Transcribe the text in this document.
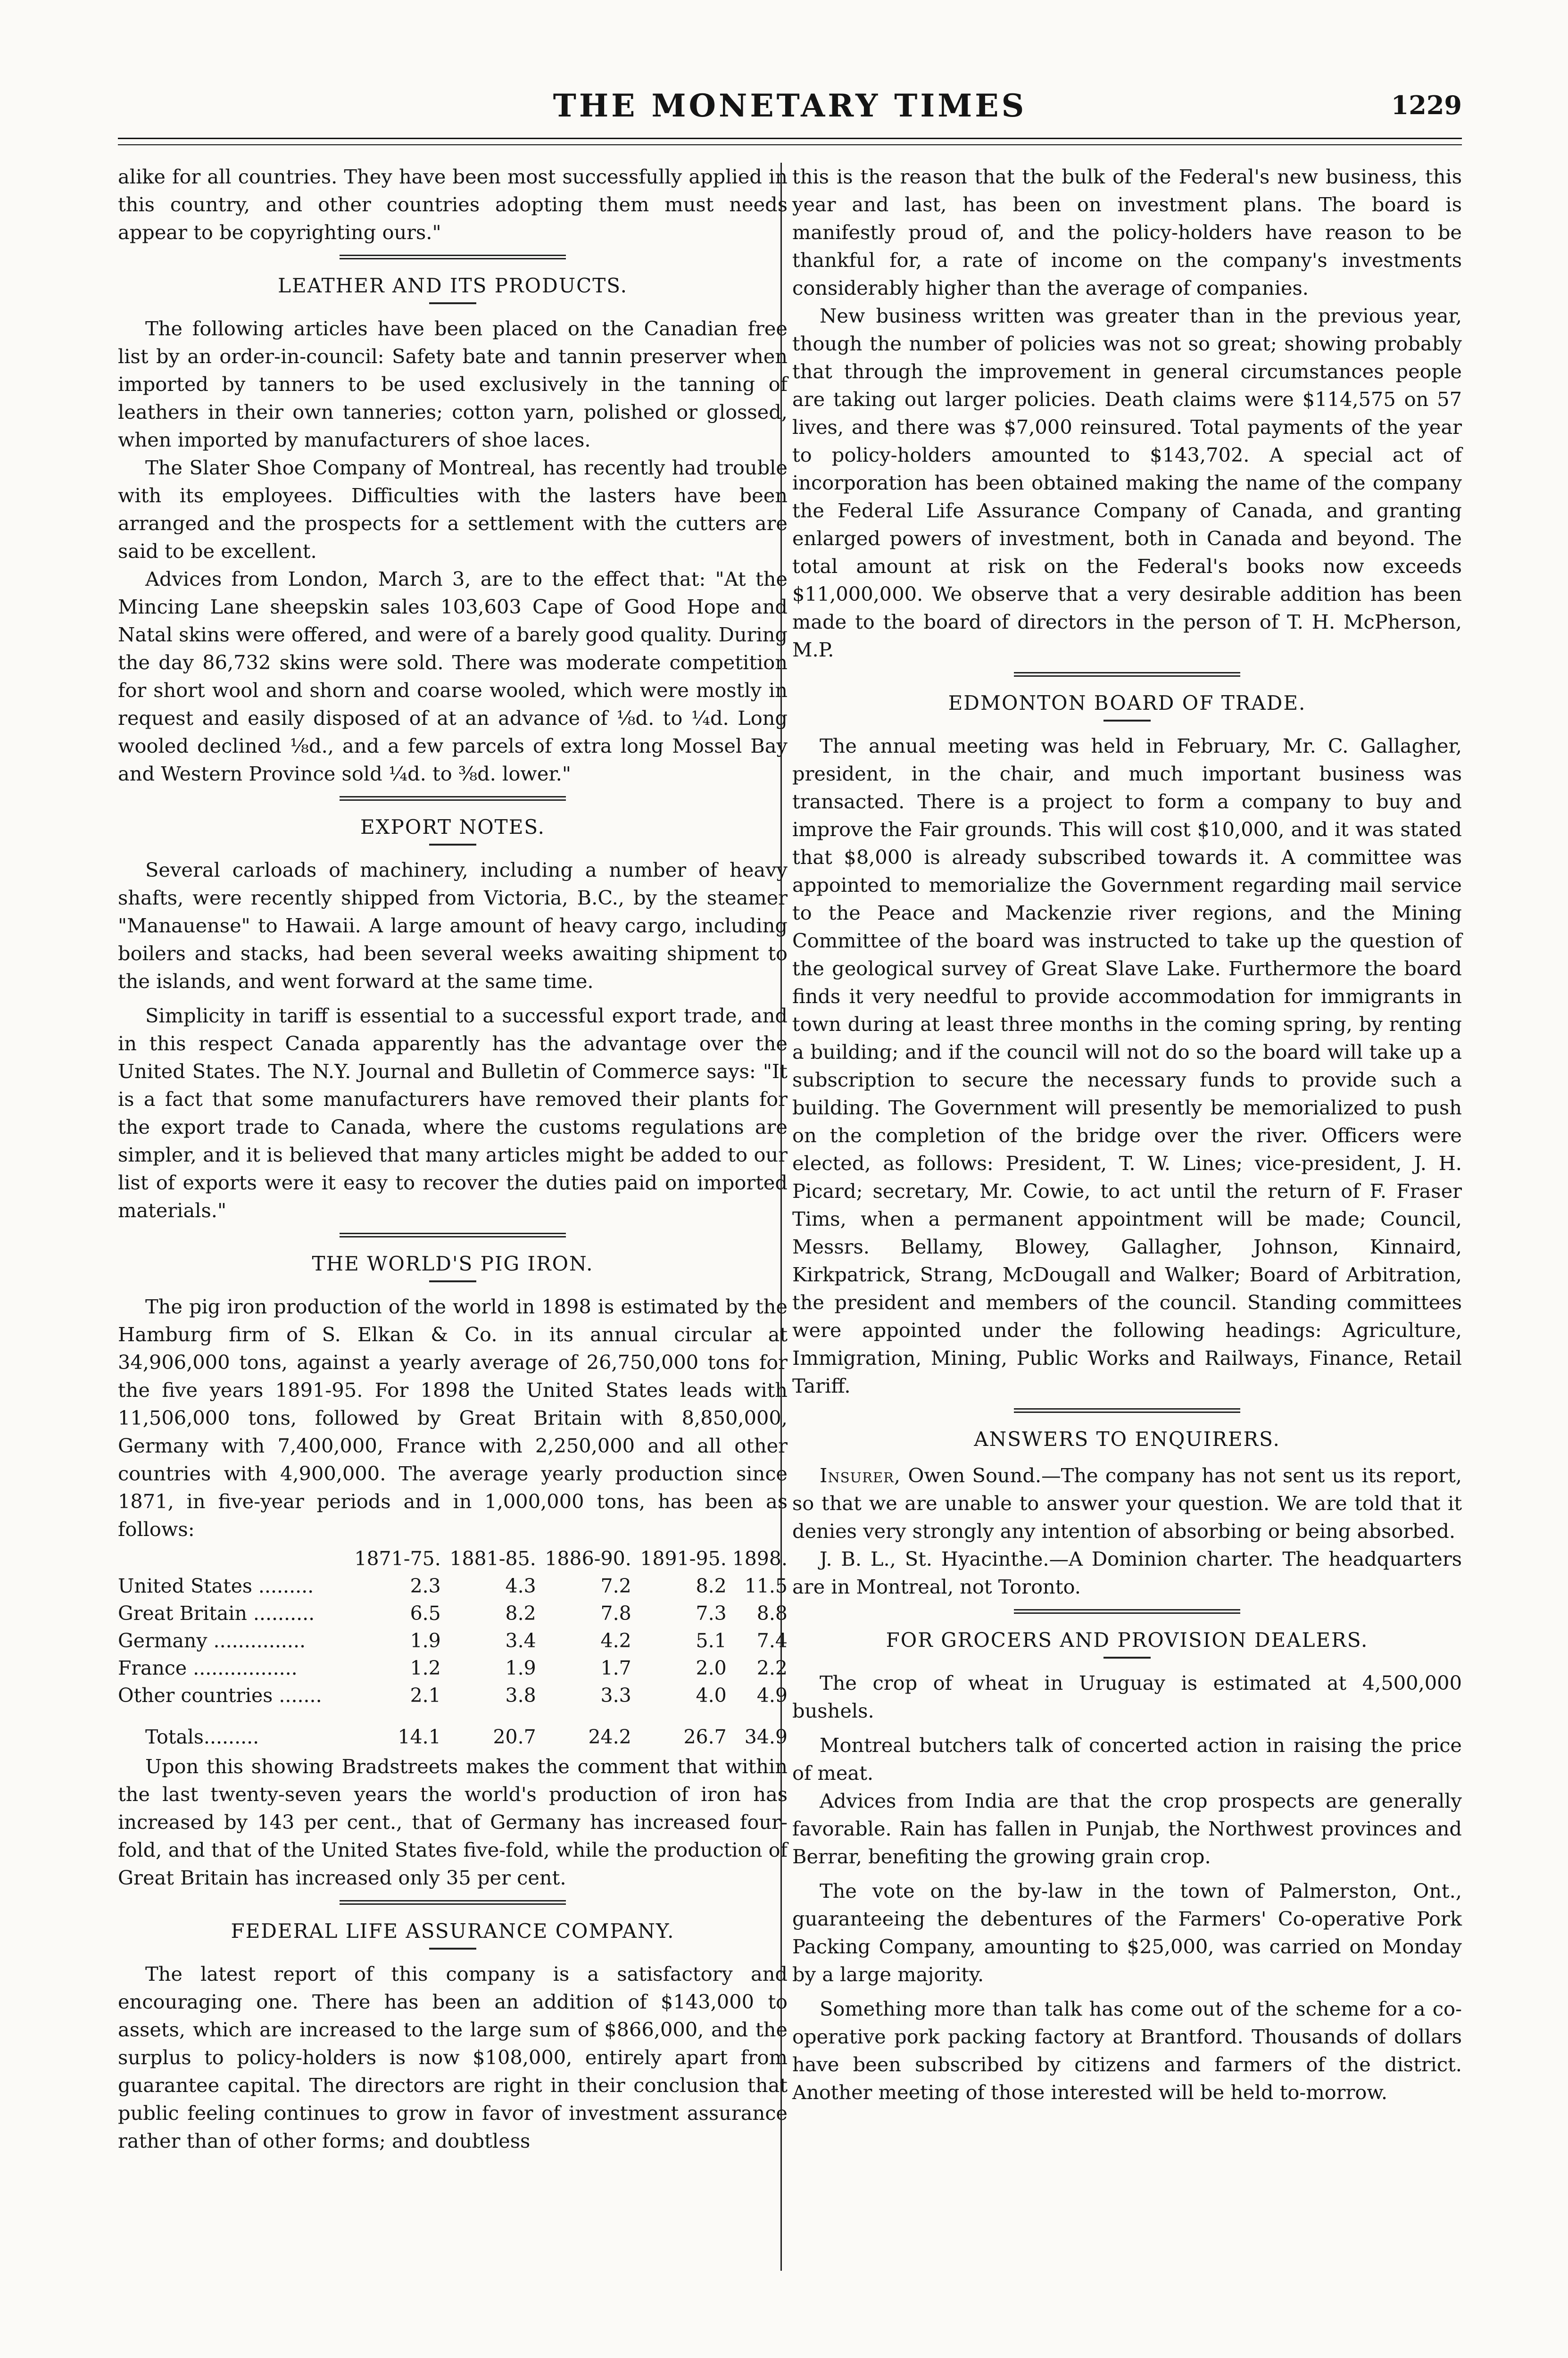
THE MONETARY TIMES	1229

alike for all countries. They have been most successfully applied in this country, and other countries adopting them must needs appear to be copyrighting ours."

LEATHER AND ITS PRODUCTS.

The following articles have been placed on the Canadian free list by an order-in-council: Safety bate and tannin preserver when imported by tanners to be used exclusively in the tanning of leathers in their own tanneries; cotton yarn, polished or glossed, when imported by manufacturers of shoe laces.

The Slater Shoe Company of Montreal, has recently had trouble with its employees. Difficulties with the lasters have been arranged and the prospects for a settlement with the cutters are said to be excellent.

Advices from London, March 3, are to the effect that: "At the Mincing Lane sheepskin sales 103,603 Cape of Good Hope and Natal skins were offered, and were of a barely good quality. During the day 86,732 skins were sold. There was moderate competition for short wool and shorn and coarse wooled, which were mostly in request and easily disposed of at an advance of ⅛d. to ¼d. Long wooled declined ⅛d., and a few parcels of extra long Mossel Bay and Western Province sold ¼d. to ⅜d. lower."

EXPORT NOTES.

Several carloads of machinery, including a number of heavy shafts, were recently shipped from Victoria, B.C., by the steamer "Manauense" to Hawaii. A large amount of heavy cargo, including boilers and stacks, had been several weeks awaiting shipment to the islands, and went forward at the same time.

Simplicity in tariff is essential to a successful export trade, and in this respect Canada apparently has the advantage over the United States. The N.Y. Journal and Bulletin of Commerce says: "It is a fact that some manufacturers have removed their plants for the export trade to Canada, where the customs regulations are simpler, and it is believed that many articles might be added to our list of exports were it easy to recover the duties paid on imported materials."

THE WORLD'S PIG IRON.

The pig iron production of the world in 1898 is estimated by the Hamburg firm of S. Elkan & Co. in its annual circular at 34,906,000 tons, against a yearly average of 26,750,000 tons for the five years 1891-95. For 1898 the United States leads with 11,506,000 tons, followed by Great Britain with 8,850,000, Germany with 7,400,000, France with 2,250,000 and all other countries with 4,900,000. The average yearly production since 1871, in five-year periods and in 1,000,000 tons, has been as follows:

	1871-75.	1881-85.	1886-90.	1891-95.	1898.
United States .........	2.3	4.3	7.2	8.2	11.5
Great Britain ..........	6.5	8.2	7.8	7.3	8.8
Germany ...............	1.9	3.4	4.2	5.1	7.4
France .................	1.2	1.9	1.7	2.0	2.2
Other countries .......	2.1	3.8	3.3	4.0	4.9
Totals.........	14.1	20.7	24.2	26.7	34.9

Upon this showing Bradstreets makes the comment that within the last twenty-seven years the world's production of iron has increased by 143 per cent., that of Germany has increased four-fold, and that of the United States five-fold, while the production of Great Britain has increased only 35 per cent.

FEDERAL LIFE ASSURANCE COMPANY.

The latest report of this company is a satisfactory and encouraging one. There has been an addition of $143,000 to assets, which are increased to the large sum of $866,000, and the surplus to policy-holders is now $108,000, entirely apart from guarantee capital. The directors are right in their conclusion that public feeling continues to grow in favor of investment assurance rather than of other forms; and doubtless

this is the reason that the bulk of the Federal's new business, this year and last, has been on investment plans. The board is manifestly proud of, and the policy-holders have reason to be thankful for, a rate of income on the company's investments considerably higher than the average of companies.

New business written was greater than in the previous year, though the number of policies was not so great; showing probably that through the improvement in general circumstances people are taking out larger policies. Death claims were $114,575 on 57 lives, and there was $7,000 reinsured. Total payments of the year to policy-holders amounted to $143,702. A special act of incorporation has been obtained making the name of the company the Federal Life Assurance Company of Canada, and granting enlarged powers of investment, both in Canada and beyond. The total amount at risk on the Federal's books now exceeds $11,000,000. We observe that a very desirable addition has been made to the board of directors in the person of T. H. McPherson, M.P.

EDMONTON BOARD OF TRADE.

The annual meeting was held in February, Mr. C. Gallagher, president, in the chair, and much important business was transacted. There is a project to form a company to buy and improve the Fair grounds. This will cost $10,000, and it was stated that $8,000 is already subscribed towards it. A committee was appointed to memorialize the Government regarding mail service to the Peace and Mackenzie river regions, and the Mining Committee of the board was instructed to take up the question of the geological survey of Great Slave Lake. Furthermore the board finds it very needful to provide accommodation for immigrants in town during at least three months in the coming spring, by renting a building; and if the council will not do so the board will take up a subscription to secure the necessary funds to provide such a building. The Government will presently be memorialized to push on the completion of the bridge over the river. Officers were elected, as follows: President, T. W. Lines; vice-president, J. H. Picard; secretary, Mr. Cowie, to act until the return of F. Fraser Tims, when a permanent appointment will be made; Council, Messrs. Bellamy, Blowey, Gallagher, Johnson, Kinnaird, Kirkpatrick, Strang, McDougall and Walker; Board of Arbitration, the president and members of the council. Standing committees were appointed under the following headings: Agriculture, Immigration, Mining, Public Works and Railways, Finance, Retail Tariff.

ANSWERS TO ENQUIRERS.

Insurer, Owen Sound.—The company has not sent us its report, so that we are unable to answer your question. We are told that it denies very strongly any intention of absorbing or being absorbed.

J. B. L., St. Hyacinthe.—A Dominion charter. The headquarters are in Montreal, not Toronto.

FOR GROCERS AND PROVISION DEALERS.

The crop of wheat in Uruguay is estimated at 4,500,000 bushels.

Montreal butchers talk of concerted action in raising the price of meat.

Advices from India are that the crop prospects are generally favorable. Rain has fallen in Punjab, the Northwest provinces and Berrar, benefiting the growing grain crop.

The vote on the by-law in the town of Palmerston, Ont., guaranteeing the debentures of the Farmers' Co-operative Pork Packing Company, amounting to $25,000, was carried on Monday by a large majority.

Something more than talk has come out of the scheme for a co-operative pork packing factory at Brantford. Thousands of dollars have been subscribed by citizens and farmers of the district. Another meeting of those interested will be held to-morrow.
